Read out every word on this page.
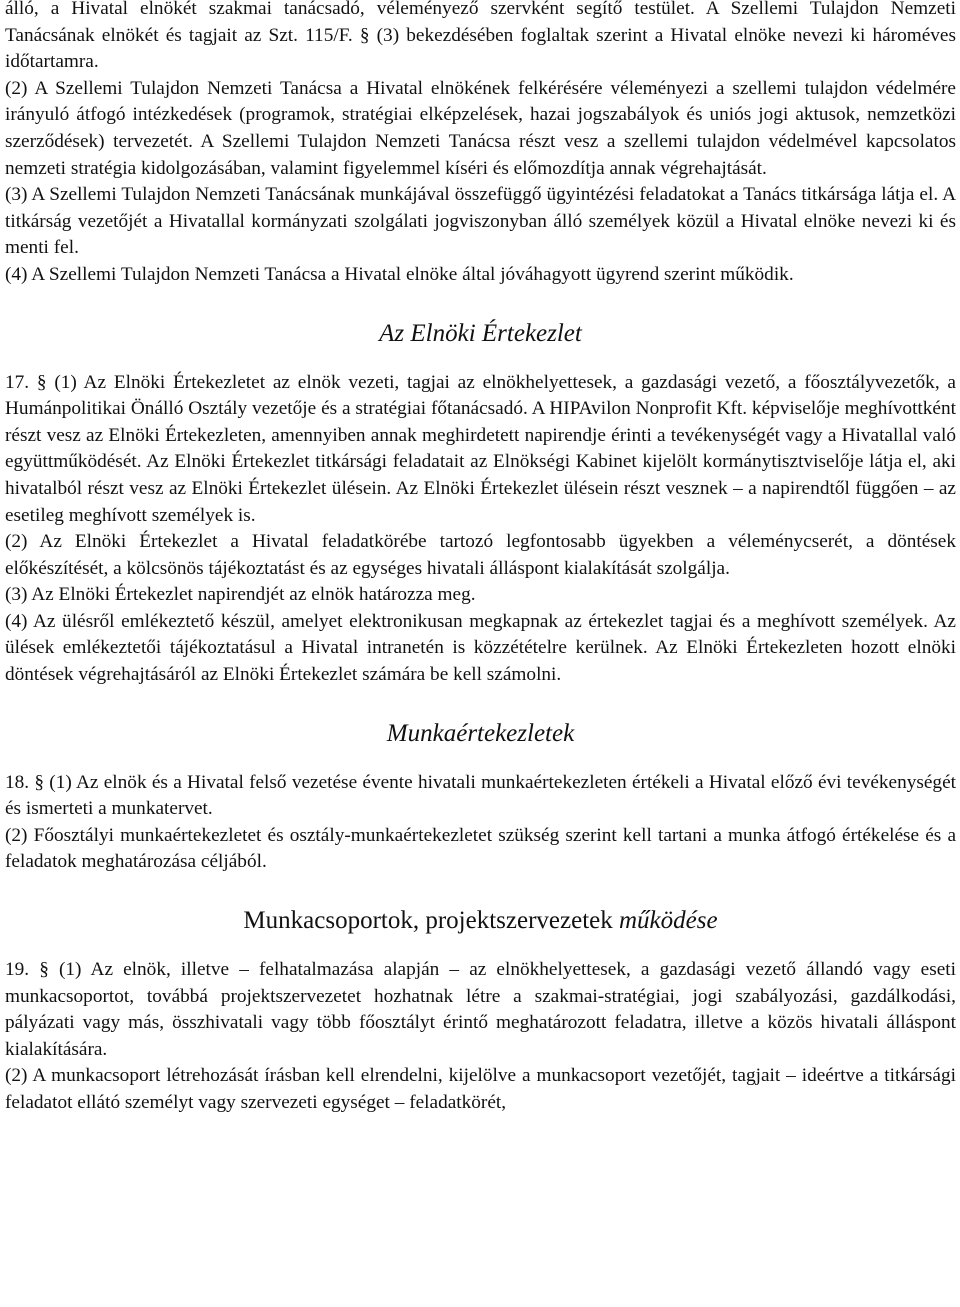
álló, a Hivatal elnökét szakmai tanácsadó, véleményező szervként segítő testület. A Szellemi Tulajdon Nemzeti Tanácsának elnökét és tagjait az Szt. 115/F. § (3) bekezdésében foglaltak szerint a Hivatal elnöke nevezi ki hároméves időtartamra.

(2) A Szellemi Tulajdon Nemzeti Tanácsa a Hivatal elnökének felkérésére véleményezi a szellemi tulajdon védelmére irányuló átfogó intézkedések (programok, stratégiai elképzelések, hazai jogszabályok és uniós jogi aktusok, nemzetközi szerződések) tervezetét. A Szellemi Tulajdon Nemzeti Tanácsa részt vesz a szellemi tulajdon védelmével kapcsolatos nemzeti stratégia kidolgozásában, valamint figyelemmel kíséri és előmozdítja annak végrehajtását.

(3) A Szellemi Tulajdon Nemzeti Tanácsának munkájával összefüggő ügyintézési feladatokat a Tanács titkársága látja el. A titkárság vezetőjét a Hivatallal kormányzati szolgálati jogviszonyban álló személyek közül a Hivatal elnöke nevezi ki és menti fel.

(4) A Szellemi Tulajdon Nemzeti Tanácsa a Hivatal elnöke által jóváhagyott ügyrend szerint működik.

Az Elnöki Értekezlet

17. § (1) Az Elnöki Értekezletet az elnök vezeti, tagjai az elnökhelyettesek, a gazdasági vezető, a főosztályvezetők, a Humánpolitikai Önálló Osztály vezetője és a stratégiai főtanácsadó. A HIPAvilon Nonprofit Kft. képviselője meghívottként részt vesz az Elnöki Értekezleten, amennyiben annak meghirdetett napirendje érinti a tevékenységét vagy a Hivatallal való együttműködését. Az Elnöki Értekezlet titkársági feladatait az Elnökségi Kabinet kijelölt kormánytisztviselője látja el, aki hivatalból részt vesz az Elnöki Értekezlet ülésein. Az Elnöki Értekezlet ülésein részt vesznek – a napirendtől függően – az esetileg meghívott személyek is.

(2) Az Elnöki Értekezlet a Hivatal feladatkörébe tartozó legfontosabb ügyekben a véleménycserét, a döntések előkészítését, a kölcsönös tájékoztatást és az egységes hivatali álláspont kialakítását szolgálja.

(3) Az Elnöki Értekezlet napirendjét az elnök határozza meg.

(4) Az ülésről emlékeztető készül, amelyet elektronikusan megkapnak az értekezlet tagjai és a meghívott személyek. Az ülések emlékeztetői tájékoztatásul a Hivatal intranetén is közzétételre kerülnek. Az Elnöki Értekezleten hozott elnöki döntések végrehajtásáról az Elnöki Értekezlet számára be kell számolni.

Munkaértekezletek

18. § (1) Az elnök és a Hivatal felső vezetése évente hivatali munkaértekezleten értékeli a Hivatal előző évi tevékenységét és ismerteti a munkatervet.

(2) Főosztályi munkaértekezletet és osztály-munkaértekezletet szükség szerint kell tartani a munka átfogó értékelése és a feladatok meghatározása céljából.

Munkacsoportok, projektszervezetek működése

19. § (1) Az elnök, illetve – felhatalmazása alapján – az elnökhelyettesek, a gazdasági vezető állandó vagy eseti munkacsoportot, továbbá projektszervezetet hozhatnak létre a szakmai-stratégiai, jogi szabályozási, gazdálkodási, pályázati vagy más, összhivatali vagy több főosztályt érintő meghatározott feladatra, illetve a közös hivatali álláspont kialakítására.

(2) A munkacsoport létrehozását írásban kell elrendelni, kijelölve a munkacsoport vezetőjét, tagjait – ideértve a titkársági feladatot ellátó személyt vagy szervezeti egységet – feladatkörét,
